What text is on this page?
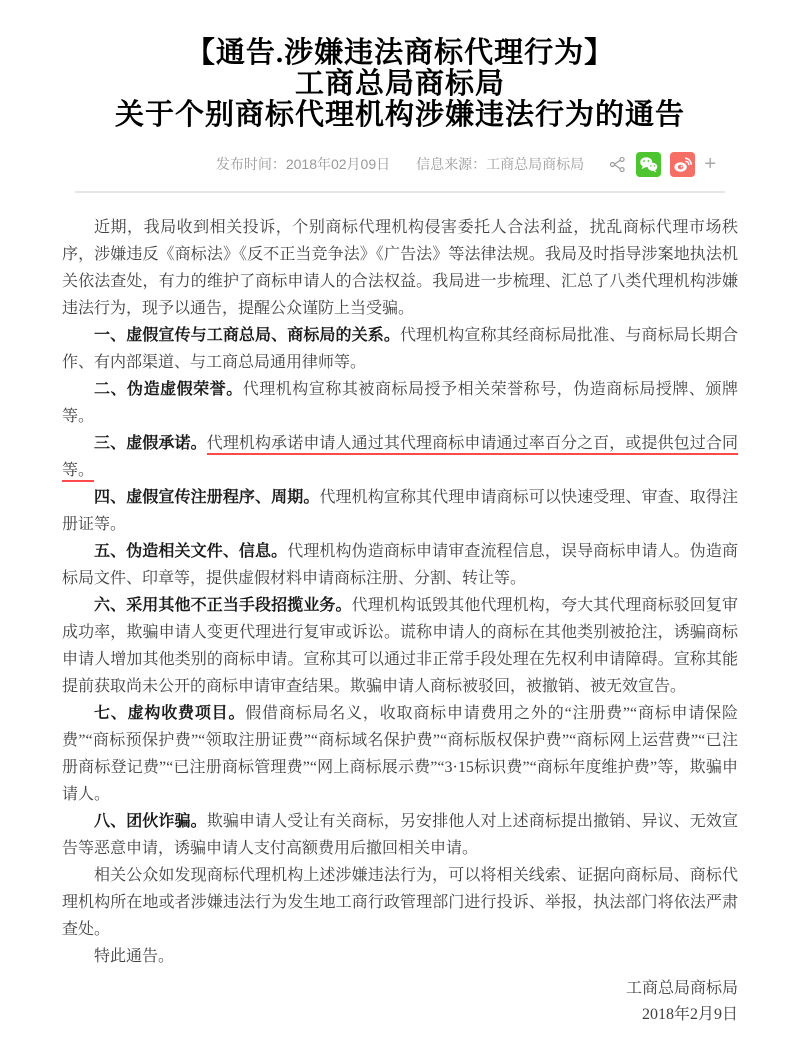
【通告.涉嫌违法商标代理行为】
工商总局商标局
关于个别商标代理机构涉嫌违法行为的通告
发布时间：2018年02月09日 信息来源：工商总局商标局	+

近期，我局收到相关投诉，个别商标代理机构侵害委托人合法利益，扰乱商标代理市场秩序，涉嫌违反《商标法》《反不正当竞争法》《广告法》等法律法规。我局及时指导涉案地执法机关依法查处，有力的维护了商标申请人的合法权益。我局进一步梳理、汇总了八类代理机构涉嫌违法行为，现予以通告，提醒公众谨防上当受骗。

一、虚假宣传与工商总局、商标局的关系。代理机构宣称其经商标局批准、与商标局长期合作、有内部渠道、与工商总局通用律师等。

二、伪造虚假荣誉。代理机构宣称其被商标局授予相关荣誉称号，伪造商标局授牌、颁牌等。

三、虚假承诺。代理机构承诺申请人通过其代理商标申请通过率百分之百，或提供包过合同等。

四、虚假宣传注册程序、周期。代理机构宣称其代理申请商标可以快速受理、审查、取得注册证等。

五、伪造相关文件、信息。代理机构伪造商标申请审查流程信息，误导商标申请人。伪造商标局文件、印章等，提供虚假材料申请商标注册、分割、转让等。

六、采用其他不正当手段招揽业务。代理机构诋毁其他代理机构，夸大其代理商标驳回复审成功率，欺骗申请人变更代理进行复审或诉讼。谎称申请人的商标在其他类别被抢注，诱骗商标申请人增加其他类别的商标申请。宣称其可以通过非正常手段处理在先权利申请障碍。宣称其能提前获取尚未公开的商标申请审查结果。欺骗申请人商标被驳回，被撤销、被无效宣告。

七、虚构收费项目。假借商标局名义，收取商标申请费用之外的“注册费”“商标申请保险费”“商标预保护费”“领取注册证费”“商标域名保护费”“商标版权保护费”“商标网上运营费”“已注册商标登记费”“已注册商标管理费”“网上商标展示费”“3·15标识费”“商标年度维护费”等，欺骗申请人。

八、团伙诈骗。欺骗申请人受让有关商标，另安排他人对上述商标提出撤销、异议、无效宣告等恶意申请，诱骗申请人支付高额费用后撤回相关申请。

相关公众如发现商标代理机构上述涉嫌违法行为，可以将相关线索、证据向商标局、商标代理机构所在地或者涉嫌违法行为发生地工商行政管理部门进行投诉、举报，执法部门将依法严肃查处。

特此通告。

工商总局商标局
2018年2月9日
